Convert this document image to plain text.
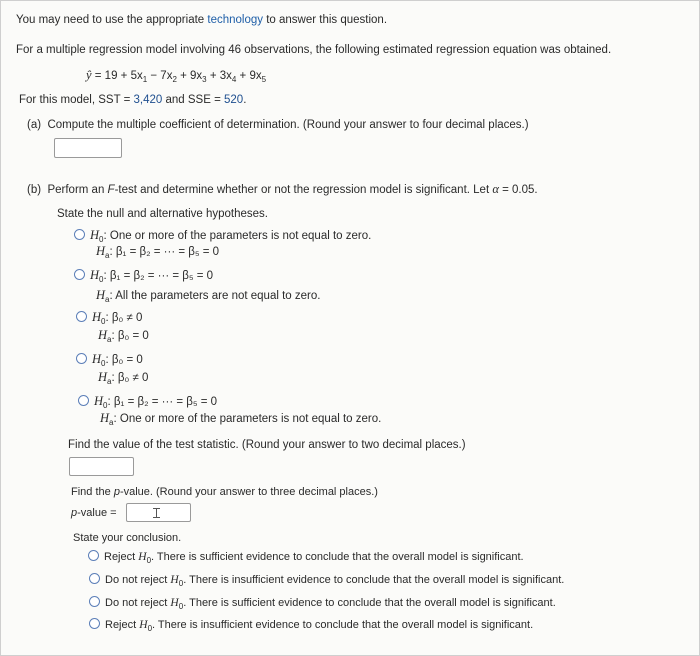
You may need to use the appropriate technology to answer this question.
For a multiple regression model involving 46 observations, the following estimated regression equation was obtained.
ŷ = $19 + 5x_1 - 7x_2 + 9x_3 + 3x_4 + 9x_5$
For this model, SST = 3,420 and SSE = 520.
(a) Compute the multiple coefficient of determination. (Round your answer to four decimal places.)
(b) Perform an F-test and determine whether or not the regression model is significant. Let α = 0.05.
State the null and alternative hypotheses.
$H_0$: One or more of the parameters is not equal to zero.
$H_a$: β₁ = β₂ = ··· = β₅ = 0
$H_0$: β₁ = β₂ = ··· = β₅ = 0
$H_a$: All the parameters are not equal to zero.
$H_0$: β₀ ≠ 0
$H_a$: β₀ = 0
$H_0$: β₀ = 0
$H_a$: β₀ ≠ 0
$H_0$: β₁ = β₂ = ··· = β₅ = 0
$H_a$: One or more of the parameters is not equal to zero.
Find the value of the test statistic. (Round your answer to two decimal places.)
Find the p-value. (Round your answer to three decimal places.)
p-value =
State your conclusion.
Reject $H_0$. There is sufficient evidence to conclude that the overall model is significant.
Do not reject $H_0$. There is insufficient evidence to conclude that the overall model is significant.
Do not reject $H_0$. There is sufficient evidence to conclude that the overall model is significant.
Reject $H_0$. There is insufficient evidence to conclude that the overall model is significant.
